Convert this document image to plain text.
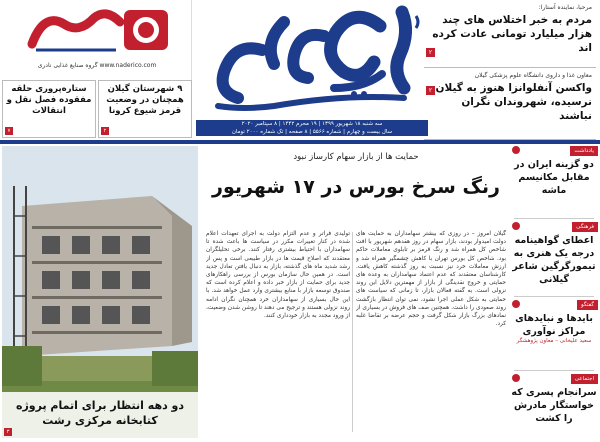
www.naderico.com گروه صنایع غذایی نادری
ستاره‌پروری حلقه مفقوده فصل نقل و انتقالات
۷
۹ شهرستان گیلان همچنان در وضعیت قرمز شیوع کرونا
۲
سه شنبه ۱۸ شهریور ۱۳۹۹ | ۱۹ محرم ۱۴۴۲ | ۸ سپتامبر ۲۰۲۰
سال بیست و چهارم | شماره ۵۵۶۶ | ۸ صفحه | تک شماره ۲۰۰۰ تومان
مرحبا، نماینده آستارا:
مردم به خبر اختلاس های چند هزار میلیارد تومانی عادت کرده اند
۲
معاون غذا و داروی دانشگاه علوم پزشکی گیلان
واکسن آنفلوانزا هنوز به گیلان نرسیده، شهروندان نگران نباشند
۲
دو دهه انتظار برای اتمام پروژه کتابخانه مرکزی رشت
۳
حمایت ها از بازار سهام کارساز نبود
رنگ سرخ بورس در ۱۷ شهریور
گیلان امروز – در روزی که بیشتر سهامداران به حمایت های دولت امیدوار بودند، بازار سهام در روز هفدهم شهریور با افت شاخص کل همراه شد و رنگ قرمز بر تابلوی معاملات حاکم بود. شاخص کل بورس تهران با کاهش چشمگیر همراه شد و ارزش معاملات خرد نیز نسبت به روز گذشته کاهش یافت. کارشناسان معتقدند که عدم اعتماد سهامداران به وعده های حمایتی و خروج نقدینگی از بازار از مهمترین دلایل این روند نزولی است. به گفته فعالان بازار، تا زمانی که سیاست های حمایتی به شکل عملی اجرا نشود، نمی توان انتظار بازگشت روند صعودی را داشت. همچنین صف های فروش در بسیاری از نمادهای بزرگ بازار شکل گرفت و حجم عرضه بر تقاضا غلبه کرد.
تولیدی فراتر و عدم التزام دولت به اجرای تعهدات اعلام شده در کنار تغییرات مکرر در سیاست ها باعث شده تا سهامداران با احتیاط بیشتری رفتار کنند. برخی تحلیلگران معتقدند که اصلاح قیمت ها در بازار طبیعی است و پس از رشد شدید ماه های گذشته، بازار به دنبال یافتن تعادل جدید است. در همین حال سازمان بورس از بررسی راهکارهای جدید برای حمایت از بازار خبر داده و اعلام کرده است که صندوق توسعه بازار با منابع بیشتری وارد عمل خواهد شد. با این حال بسیاری از سهامداران خرد همچنان نگران ادامه روند نزولی هستند و ترجیح می دهند تا روشن شدن وضعیت، از ورود مجدد به بازار خودداری کنند.
یادداشت
دو گزینه ایران در مقابل مکانیسم ماشه
فرهنگی
اعطای گواهینامه درجه یک هنری به تیمورگرگین شاعر گیلانی
گفتگو
بایدها و نبایدهای مراکز نوآوری
سعید علیخانی – معاون پژوهشگر
اجتماعی
سرانجام پسری که خواستگار مادرش را کشت
